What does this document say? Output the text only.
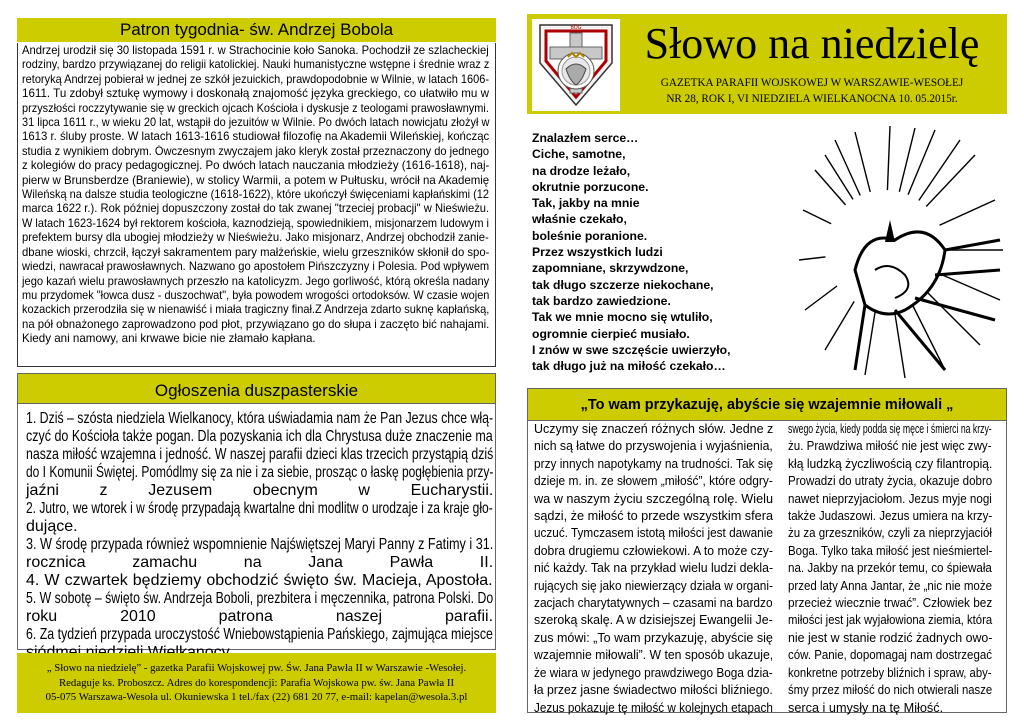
Patron tygodnia- św. Andrzej Bobola
Andrzej urodził się 30 listopada 1591 r. w Strachocinie koło Sanoka. Pochodził ze szlacheckiej
rodziny, bardzo przywiązanej do religii katolickiej. Nauki humanistyczne wstępne i średnie wraz z
retoryką Andrzej pobierał w jednej ze szkół jezuickich, prawdopodobnie w Wilnie, w latach 1606-
1611. Tu zdobył sztukę wymowy i doskonałą znajomość języka greckiego, co ułatwiło mu w
przyszłości roczzytywanie się w greckich ojcach Kościoła i dyskusje z teologami prawosławnymi.
31 lipca 1611 r., w wieku 20 lat, wstąpił do jezuitów w Wilnie. Po dwóch latach nowicjatu złożył w
1613 r. śluby proste. W latach 1613-1616 studiował filozofię na Akademii Wileńskiej, kończąc
studia z wynikiem dobrym. Ówczesnym zwyczajem jako kleryk został przeznaczony do jednego
z kolegiów do pracy pedagogicznej. Po dwóch latach nauczania młodzieży (1616-1618), naj-
pierw w Brunsberdze (Braniewie), w stolicy Warmii, a potem w Pułtusku, wrócił na Akademię
Wileńską na dalsze studia teologiczne (1618-1622), które ukończył święceniami kapłańskimi (12
marca 1622 r.). Rok później dopuszczony został do tak zwanej "trzeciej probacji" w Nieświeżu.
W latach 1623-1624 był rektorem kościoła, kaznodzieją, spowiednikiem, misjonarzem ludowym i
prefektem bursy dla ubogiej młodzieży w Nieświeżu. Jako misjonarz, Andrzej obchodził zanie-
dbane wioski, chrzcił, łączył sakramentem pary małżeńskie, wielu grzeszników skłonił do spo-
wiedzi, nawracał prawosławnych. Nazwano go apostołem Pińszczyzny i Polesia. Pod wpływem
jego kazań wielu prawosławnych przeszło na katolicyzm. Jego gorliwość, którą określa nadany
mu przydomek "łowca dusz - duszochwat", była powodem wrogości ortodoksów. W czasie wojen
kozackich przerodziła się w nienawiść i miała tragiczny finał.Z Andrzeja zdarto suknę kapłańską,
na pół obnażonego zaprowadzono pod płot, przywiązano go do słupa i zaczęto bić nahajami.
Kiedy ani namowy, ani krwawe bicie nie złamało kapłana.
Ogłoszenia duszpasterskie
1. Dziś – szósta niedziela Wielkanocy, która uświadamia nam że Pan Jezus chce włą-
czyć do Kościoła także pogan. Dla pozyskania ich dla Chrystusa duże znaczenie ma
nasza miłość wzajemna i jedność. W naszej parafii dzieci klas trzecich przystąpią dziś
do I Komunii Świętej. Pomódlmy się za nie i za siebie, prosząc o łaskę pogłębienia przy-
jaźni z Jezusem obecnym w Eucharystii.
2. Jutro, we wtorek i w środę przypadają kwartalne dni modlitw o urodzaje i za kraje gło-
dujące.
3. W środę przypada również wspomnienie Najświętszej Maryi Panny z Fatimy i 31.
rocznica zamachu na Jana Pawła II.
4. W czwartek będziemy obchodzić święto św. Macieja, Apostoła.
5. W sobotę – święto św. Andrzeja Boboli, prezbitera i męczennika, patrona Polski. Do
roku 2010 patrona naszej parafii.
6. Za tydzień przypada uroczystość Wniebowstąpienia Pańskiego, zajmująca miejsce
„ Słowo na niedzielę” - gazetka Parafii Wojskowej pw. Św. Jana Pawła II w Warszawie -Wesołej.
Redaguje ks. Proboszcz. Adres do korespondencji: Parafia Wojskowa pw. św. Jana Pawła II
05-075 Warszawa-Wesoła ul. Okuniewska 1 tel./fax (22) 681 20 77, e-mail: kapelan@wesoła.3.pl
BÓG	Słowo na niedzielę
GAZETKA PARAFII WOJSKOWEJ W WARSZAWIE-WESOŁEJ
NR 28, ROK I, VI NIEDZIELA WIELKANOCNA 10. 05.2015r.
Znalazłem serce…
Ciche, samotne,
na drodze leżało,
okrutnie porzucone.
Tak, jakby na mnie
właśnie czekało,
boleśnie poranione.
Przez wszystkich ludzi
zapomniane, skrzywdzone,
tak długo szczerze niekochane,
tak bardzo zawiedzione.
Tak we mnie mocno się wtuliło,
ogromnie cierpieć musiało.
I znów w swe szczęście uwierzyło,
tak długo już na miłość czekało…
„To wam przykazuję, abyście się wzajemnie miłowali „
Uczymy się znaczeń różnych słów. Jedne z
nich są łatwe do przyswojenia i wyjaśnienia,
przy innych napotykamy na trudności. Tak się
dzieje m. in. ze słowem „miłość”, które odgry-
wa w naszym życiu szczególną rolę. Wielu
sądzi, że miłość to przede wszystkim sfera
uczuć. Tymczasem istotą miłości jest dawanie
dobra drugiemu człowiekowi. A to może czy-
nić każdy. Tak na przykład wielu ludzi dekla-
rujących się jako niewierzący działa w organi-
zacjach charytatywnych – czasami na bardzo
szeroką skalę. A w dzisiejszej Ewangelii Je-
zus mówi: „To wam przykazuję, abyście się
wzajemnie miłowali”. W ten sposób ukazuje,
że wiara w jedynego prawdziwego Boga dzia-
ła przez jasne świadectwo miłości bliźniego.
Jezus pokazuje tę miłość w kolejnych etapach
swego życia, kiedy podda się męce i śmierci na krzy-
żu. Prawdziwa miłość nie jest więc zwy-
kłą ludzką życzliwością czy filantropią.
Prowadzi do utraty życia, okazuje dobro
nawet nieprzyjaciołom. Jezus myje nogi
także Judaszowi. Jezus umiera na krzy-
żu za grzeszników, czyli za nieprzyjaciół
Boga. Tylko taka miłość jest nieśmiertel-
na. Jakby na przekór temu, co śpiewała
przed laty Anna Jantar, że „nic nie może
przecież wiecznie trwać”. Człowiek bez
miłości jest jak wyjałowiona ziemia, która
nie jest w stanie rodzić żadnych owo-
ców. Panie, dopomagaj nam dostrzegać
konkretne potrzeby bliźnich i spraw, aby-
śmy przez miłość do nich otwierali nasze
serca i umysły na tę Miłość.
